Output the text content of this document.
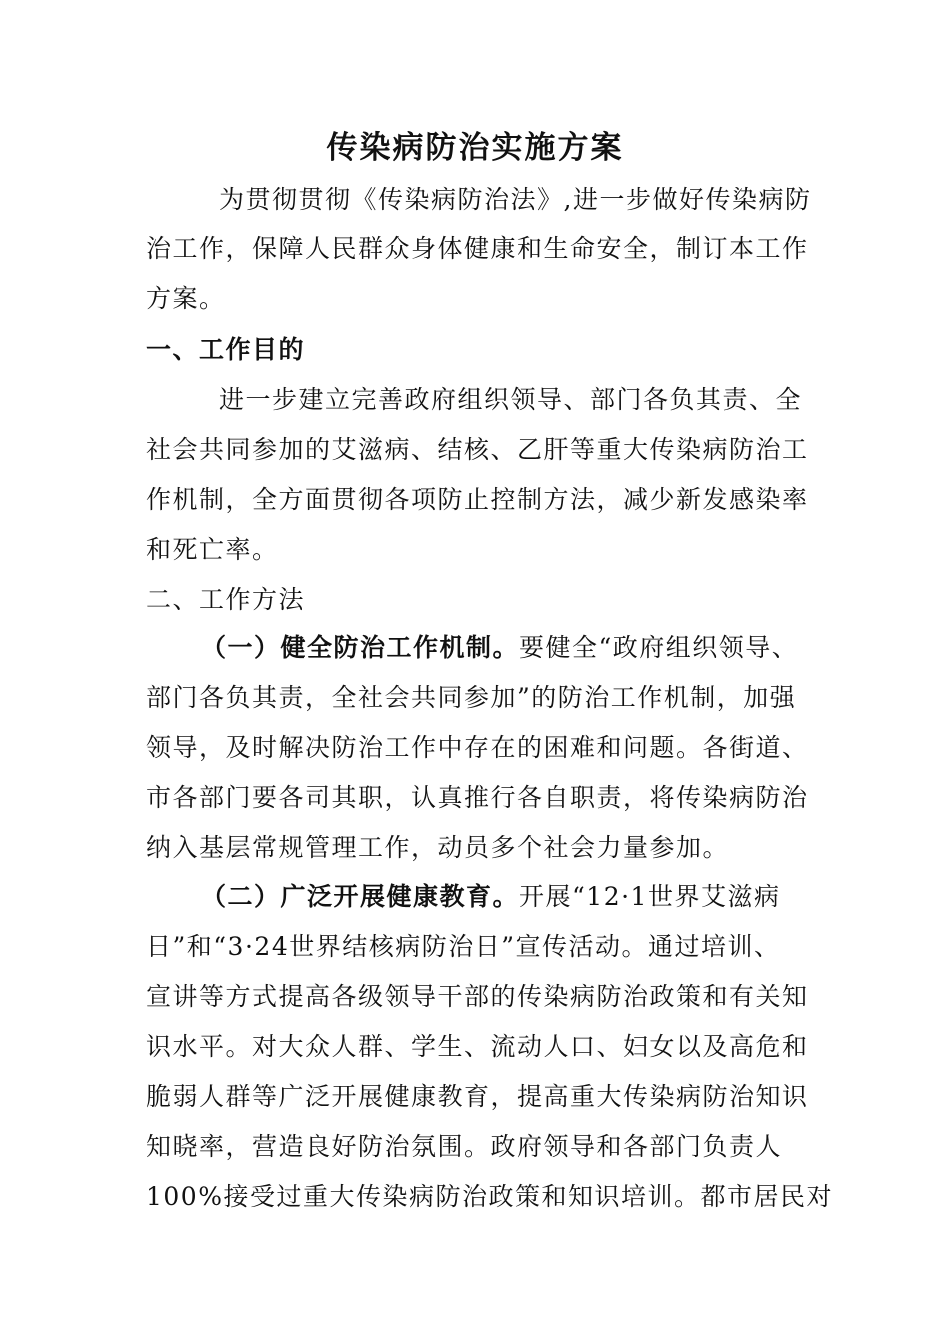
传染病防治实施方案

为贯彻贯彻《传染病防治法》,进一步做好传染病防

治工作，保障人民群众身体健康和生命安全，制订本工作

方案。

一、工作目的

进一步建立完善政府组织领导、部门各负其责、全

社会共同参加的艾滋病、结核、乙肝等重大传染病防治工

作机制，全方面贯彻各项防止控制方法，减少新发感染率

和死亡率。

二、工作方法

（一）健全防治工作机制。要健全“政府组织领导、

部门各负其责，全社会共同参加”的防治工作机制，加强

领导，及时解决防治工作中存在的困难和问题。各街道、

市各部门要各司其职，认真推行各自职责，将传染病防治

纳入基层常规管理工作，动员多个社会力量参加。

（二）广泛开展健康教育。开展“12·1世界艾滋病

日”和“3·24世界结核病防治日”宣传活动。通过培训、

宣讲等方式提高各级领导干部的传染病防治政策和有关知

识水平。对大众人群、学生、流动人口、妇女以及高危和

脆弱人群等广泛开展健康教育，提高重大传染病防治知识

知晓率，营造良好防治氛围。政府领导和各部门负责人

100%接受过重大传染病防治政策和知识培训。都市居民对
